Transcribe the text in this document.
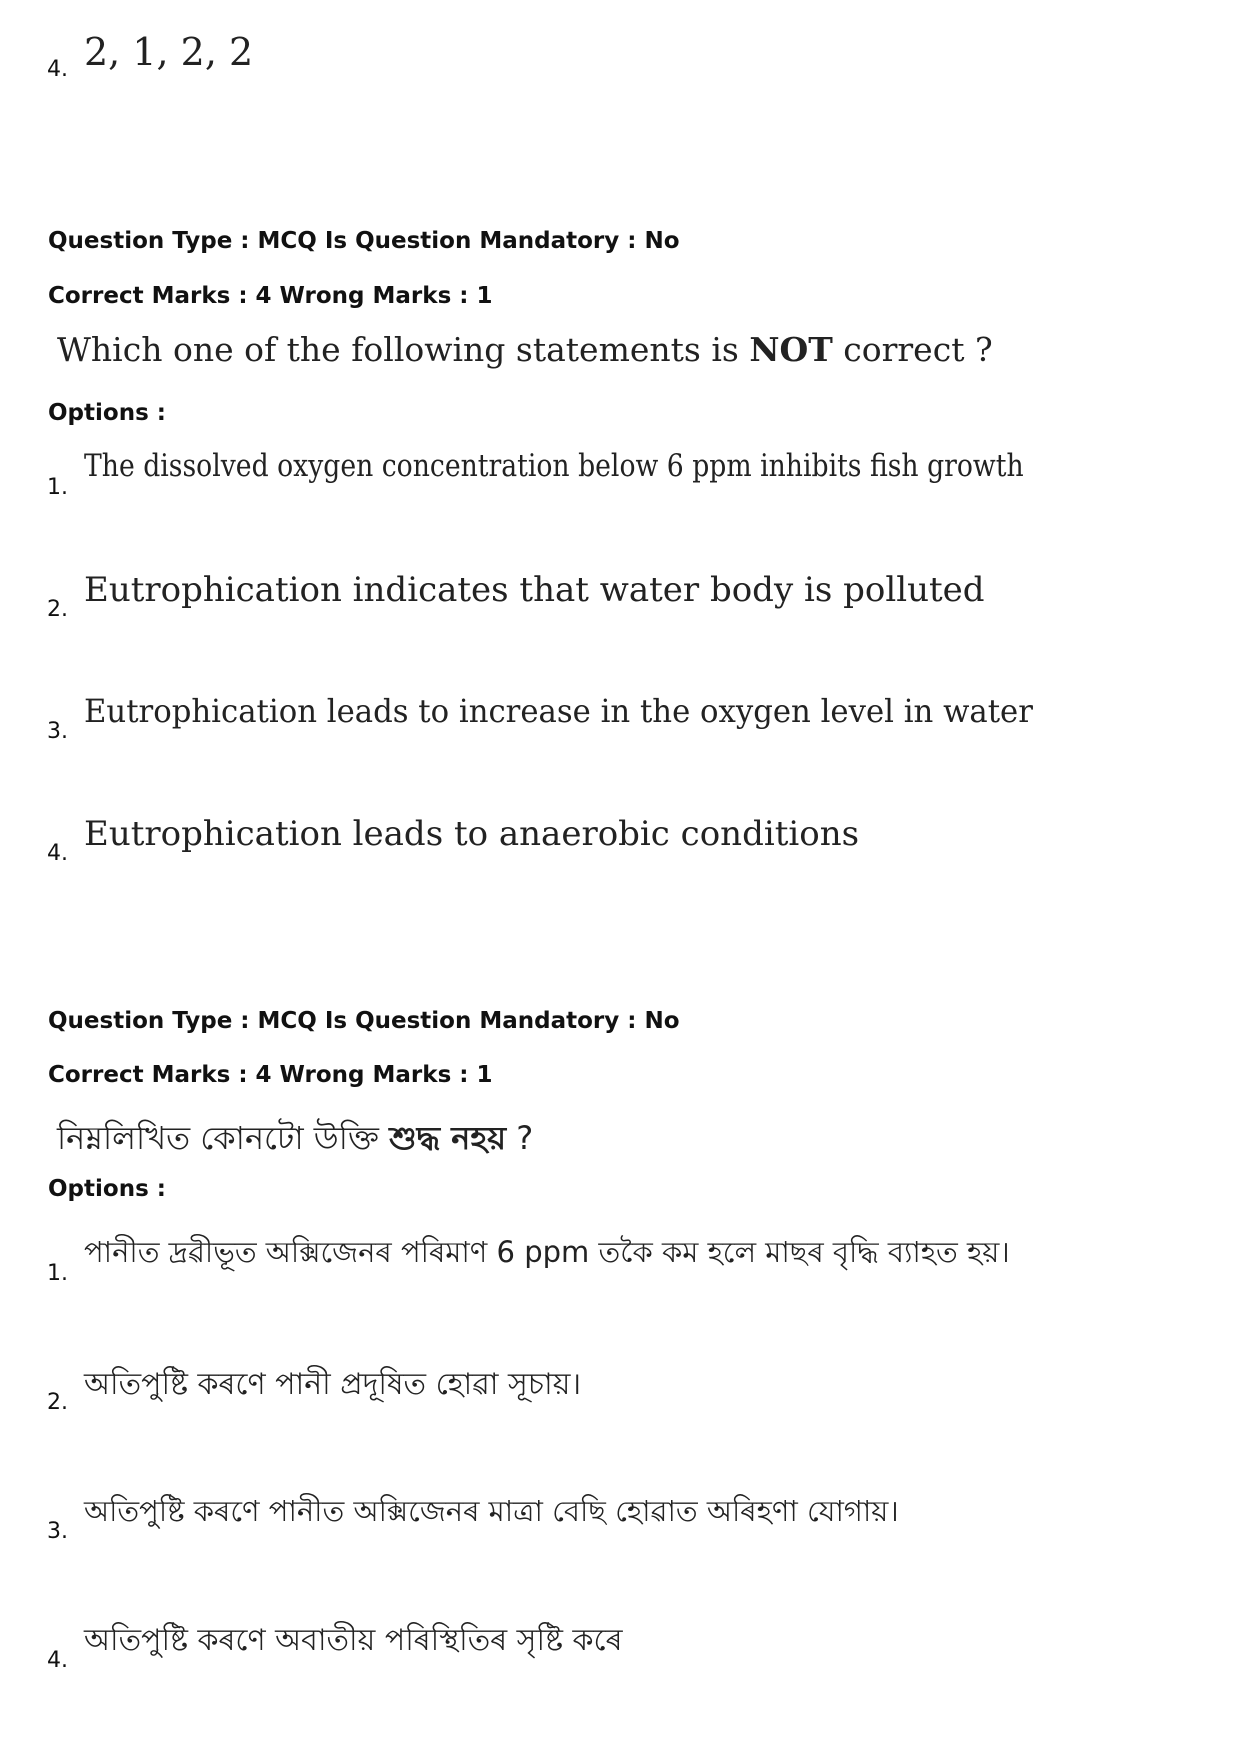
4. 2, 1, 2, 2
Question Type : MCQ Is Question Mandatory : No
Correct Marks : 4 Wrong Marks : 1
Which one of the following statements is NOT correct ?
Options :
1.
The dissolved oxygen concentration below 6 ppm inhibits fish growth
2. Eutrophication indicates that water body is polluted
3.
Eutrophication leads to increase in the oxygen level in water
4. Eutrophication leads to anaerobic conditions
Question Type : MCQ Is Question Mandatory : No
Correct Marks : 4 Wrong Marks : 1
নিম্নলিখিত কোনটো উক্তি শুদ্ধ নহয় ?
Options :
1.
পানীত দ্ৰৱীভূত অক্সিজেনৰ পৰিমাণ 6 ppm তকৈ কম হলে মাছৰ বৃদ্ধি ব্যাহত হয়।
2.
অতিপুষ্টি কৰণে পানী প্ৰদূষিত হোৱা সূচায়।
3.
অতিপুষ্টি কৰণে পানীত অক্সিজেনৰ মাত্ৰা বেছি হোৱাত অৰিহণা যোগায়।
4.
অতিপুষ্টি কৰণে অবাতীয় পৰিস্থিতিৰ সৃষ্টি কৰে
